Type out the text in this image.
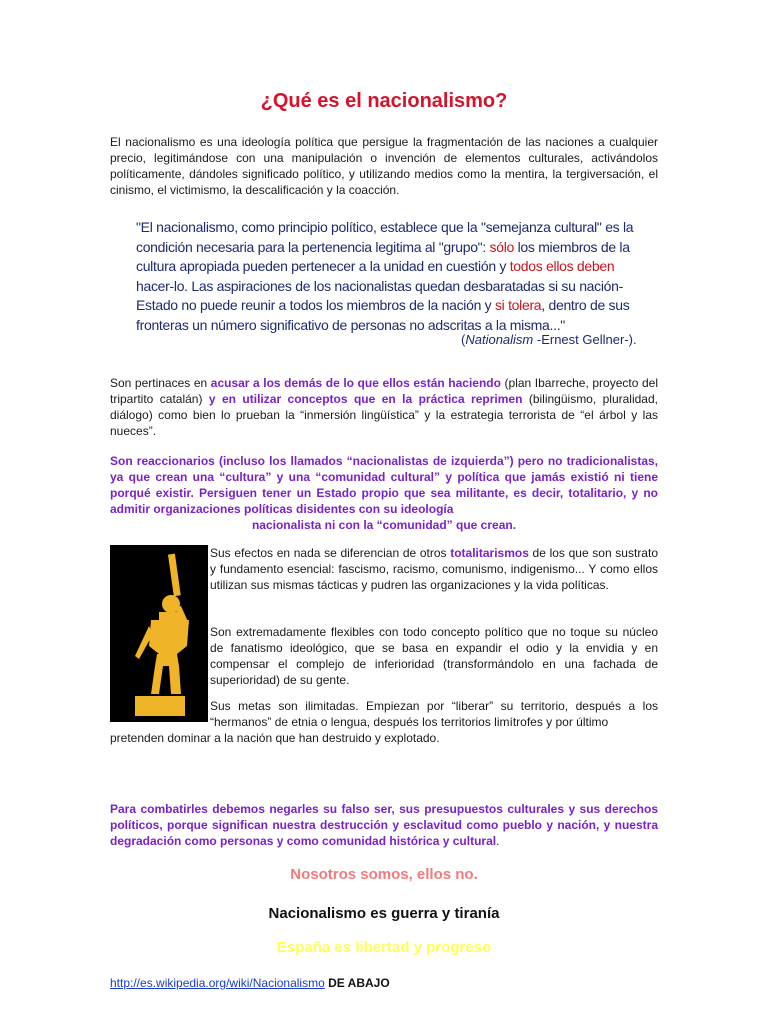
¿Qué es el nacionalismo?

El nacionalismo es una ideología política que persigue la fragmentación de las naciones a cualquier precio, legitimándose con una manipulación o invención de elementos culturales, activándolos políticamente, dándoles significado político, y utilizando medios como la mentira, la tergiversación, el cinismo, el victimismo, la descalificación y la coacción.

"El nacionalismo, como principio político, establece que la "semejanza cultural" es la condición necesaria para la pertenencia legitima al "grupo": sólo los miembros de la cultura apropiada pueden pertenecer a la unidad en cuestión y todos ellos deben hacer-lo. Las aspiraciones de los nacionalistas quedan desbaratadas si su nación-Estado no puede reunir a todos los miembros de la nación y si tolera, dentro de sus fronteras un número significativo de personas no adscritas a la misma..."

(Nationalism -Ernest Gellner-).

Son pertinaces en acusar a los demás de lo que ellos están haciendo (plan Ibarreche, proyecto del tripartito catalán) y en utilizar conceptos que en la práctica reprimen (bilingüismo, pluralidad, diálogo) como bien lo prueban la “inmersión lingüística” y la estrategia terrorista de “el árbol y las nueces”.

Son reaccionarios (incluso los llamados “nacionalistas de izquierda”) pero no tradicionalistas, ya que crean una “cultura” y una “comunidad cultural” y política que jamás existió ni tiene porqué existir. Persiguen tener un Estado propio que sea militante, es decir, totalitario, y no admitir organizaciones políticas disidentes con su ideología
nacionalista ni con la “comunidad” que crean.

Sus efectos en nada se diferencian de otros totalitarismos de los que son sustrato y fundamento esencial: fascismo, racismo, comunismo, indigenismo... Y como ellos utilizan sus mismas tácticas y pudren las organizaciones y la vida políticas.

Son extremadamente flexibles con todo concepto político que no toque su núcleo de fanatismo ideológico, que se basa en expandir el odio y la envidia y en compensar el complejo de inferioridad (transformándolo en una fachada de superioridad) de su gente.

Sus metas son ilimitadas. Empiezan por “liberar” su territorio, después a los “hermanos” de etnia o lengua, después los territorios limítrofes y por último
pretenden dominar a la nación que han destruido y explotado.

Para combatirles debemos negarles su falso ser, sus presupuestos culturales y sus derechos políticos, porque significan nuestra destrucción y esclavitud como pueblo y nación, y nuestra degradación como personas y como comunidad histórica y cultural.

Nosotros somos, ellos no.

Nacionalismo es guerra y tiranía

España es libertad y progreso

http://es.wikipedia.org/wiki/Nacionalismo DE ABAJO
